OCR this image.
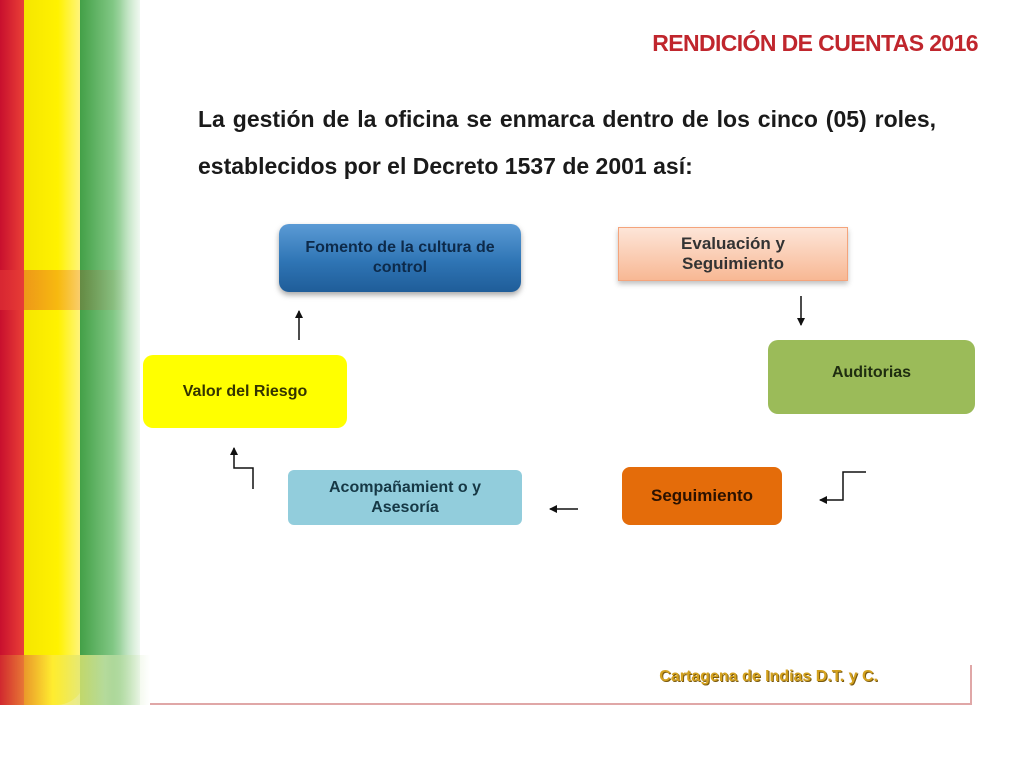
RENDICIÓN DE CUENTAS 2016

La gestión de la oficina se enmarca dentro de los cinco (05) roles, establecidos por el Decreto 1537 de 2001 así:

Fomento de la cultura de control
Evaluación y Seguimiento
Auditorias
Seguimiento
Acompañamient o y Asesoría
Valor del Riesgo
Cartagena de Indias D.T. y C.
